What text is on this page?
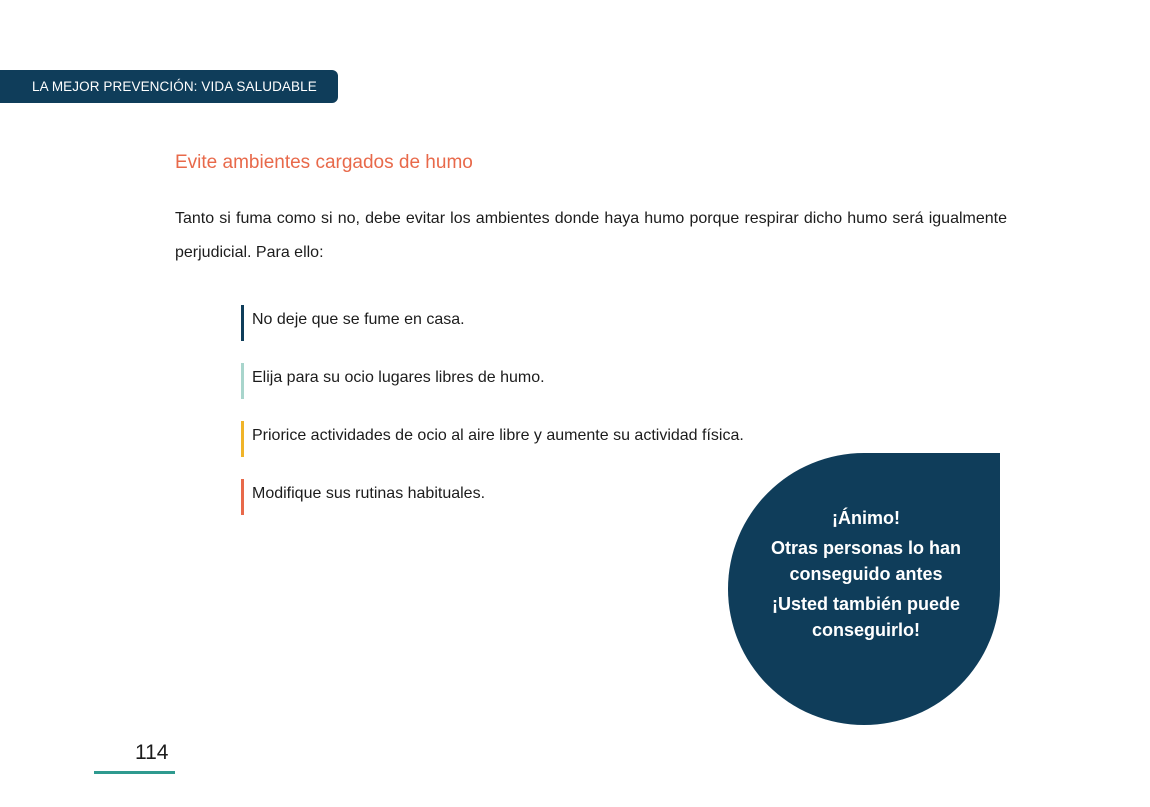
LA MEJOR PREVENCIÓN: VIDA SALUDABLE
Evite ambientes cargados de humo

Tanto si fuma como si no, debe evitar los ambientes donde haya humo porque respirar dicho humo será igualmente perjudicial. Para ello:

No deje que se fume en casa.
Elija para su ocio lugares libres de humo.
Priorice actividades de ocio al aire libre y aumente su actividad física.
Modifique sus rutinas habituales.

¡Ánimo!

Otras personas lo han conseguido antes

¡Usted también puede conseguirlo!

114
